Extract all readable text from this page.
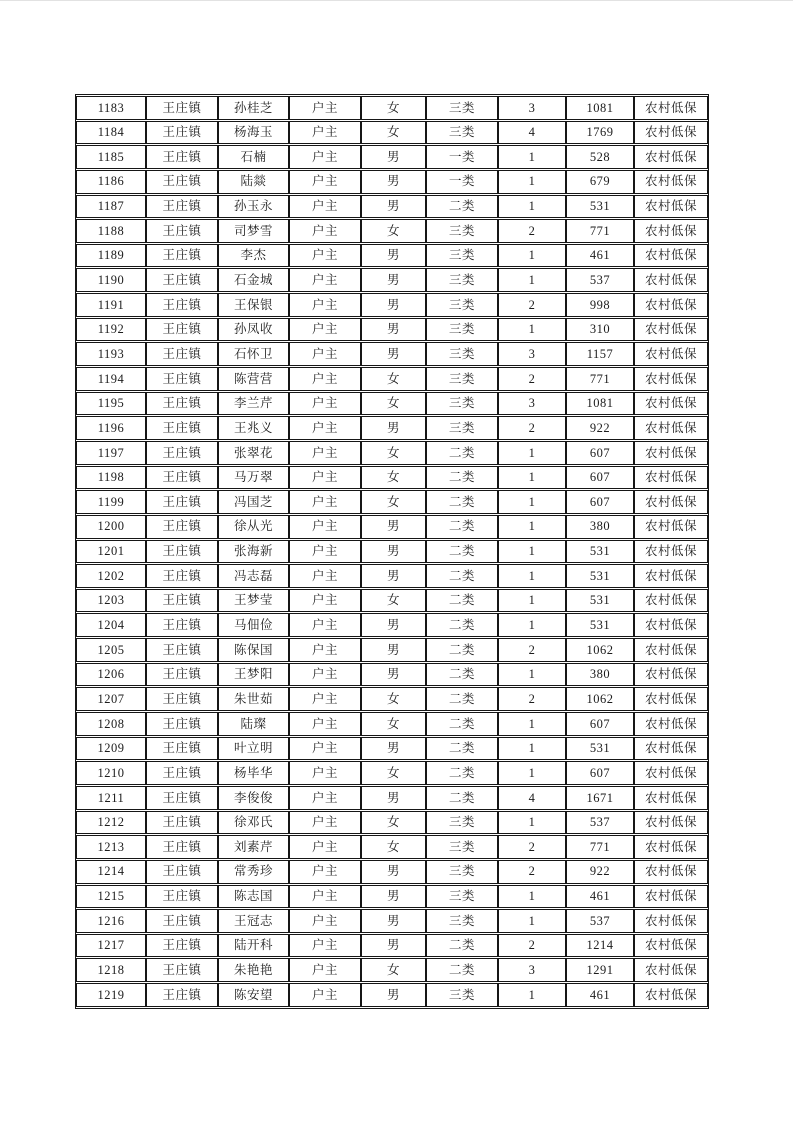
1183	王庄镇	孙桂芝	户主	女	三类	3	1081	农村低保
1184	王庄镇	杨海玉	户主	女	三类	4	1769	农村低保
1185	王庄镇	石楠	户主	男	一类	1	528	农村低保
1186	王庄镇	陆燚	户主	男	一类	1	679	农村低保
1187	王庄镇	孙玉永	户主	男	二类	1	531	农村低保
1188	王庄镇	司梦雪	户主	女	三类	2	771	农村低保
1189	王庄镇	李杰	户主	男	三类	1	461	农村低保
1190	王庄镇	石金城	户主	男	三类	1	537	农村低保
1191	王庄镇	王保银	户主	男	三类	2	998	农村低保
1192	王庄镇	孙凤收	户主	男	三类	1	310	农村低保
1193	王庄镇	石怀卫	户主	男	三类	3	1157	农村低保
1194	王庄镇	陈营营	户主	女	三类	2	771	农村低保
1195	王庄镇	李兰芹	户主	女	三类	3	1081	农村低保
1196	王庄镇	王兆义	户主	男	三类	2	922	农村低保
1197	王庄镇	张翠花	户主	女	二类	1	607	农村低保
1198	王庄镇	马万翠	户主	女	二类	1	607	农村低保
1199	王庄镇	冯国芝	户主	女	二类	1	607	农村低保
1200	王庄镇	徐从光	户主	男	二类	1	380	农村低保
1201	王庄镇	张海新	户主	男	二类	1	531	农村低保
1202	王庄镇	冯志磊	户主	男	二类	1	531	农村低保
1203	王庄镇	王梦莹	户主	女	二类	1	531	农村低保
1204	王庄镇	马佃俭	户主	男	二类	1	531	农村低保
1205	王庄镇	陈保国	户主	男	二类	2	1062	农村低保
1206	王庄镇	王梦阳	户主	男	二类	1	380	农村低保
1207	王庄镇	朱世茹	户主	女	二类	2	1062	农村低保
1208	王庄镇	陆璨	户主	女	二类	1	607	农村低保
1209	王庄镇	叶立明	户主	男	二类	1	531	农村低保
1210	王庄镇	杨毕华	户主	女	二类	1	607	农村低保
1211	王庄镇	李俊俊	户主	男	二类	4	1671	农村低保
1212	王庄镇	徐邓氏	户主	女	三类	1	537	农村低保
1213	王庄镇	刘素芹	户主	女	三类	2	771	农村低保
1214	王庄镇	常秀珍	户主	男	三类	2	922	农村低保
1215	王庄镇	陈志国	户主	男	三类	1	461	农村低保
1216	王庄镇	王冠志	户主	男	三类	1	537	农村低保
1217	王庄镇	陆开科	户主	男	二类	2	1214	农村低保
1218	王庄镇	朱艳艳	户主	女	二类	3	1291	农村低保
1219	王庄镇	陈安望	户主	男	三类	1	461	农村低保
